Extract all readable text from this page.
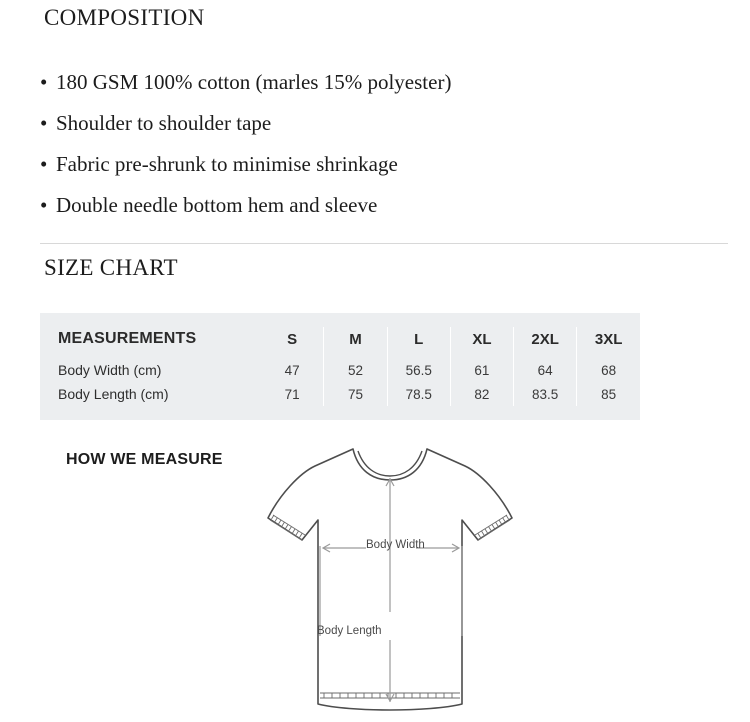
COMPOSITION
• 180 GSM 100% cotton (marles 15% polyester)
• Shoulder to shoulder tape
• Fabric pre-shrunk to minimise shrinkage
• Double needle bottom hem and sleeve
SIZE CHART
MEASUREMENTS	S	M	L	XL	2XL	3XL
Body Width (cm)	47	52	56.5	61	64	68
Body Length (cm)	71	75	78.5	82	83.5	85
HOW WE MEASURE
Body Width
Body Length
